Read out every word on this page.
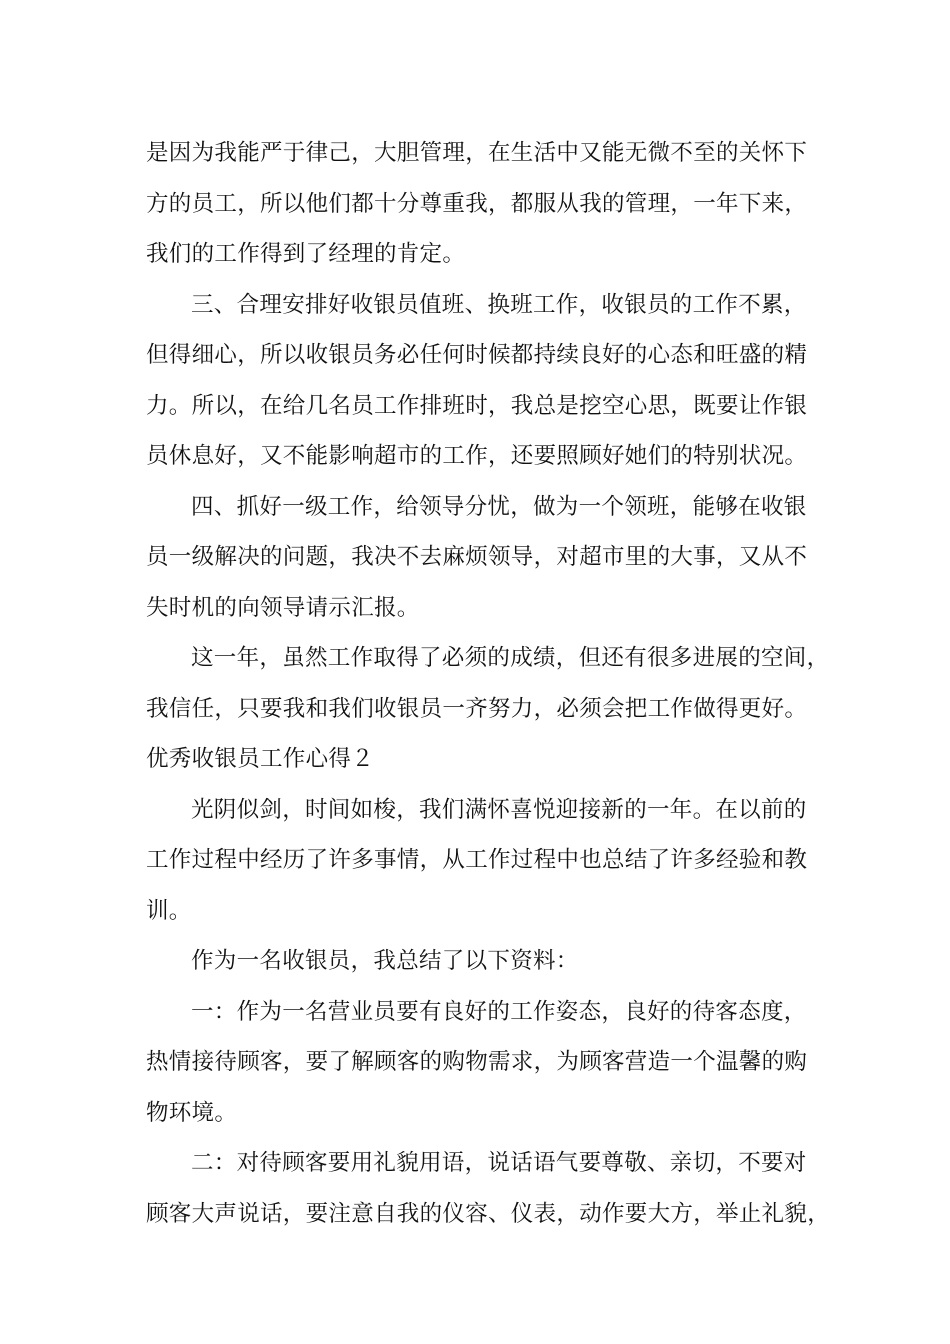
是因为我能严于律己，大胆管理，在生活中又能无微不至的关怀下
方的员工，所以他们都十分尊重我，都服从我的管理，一年下来，
我们的工作得到了经理的肯定。
三、合理安排好收银员值班、换班工作，收银员的工作不累，
但得细心，所以收银员务必任何时候都持续良好的心态和旺盛的精
力。所以，在给几名员工作排班时，我总是挖空心思，既要让作银
员休息好，又不能影响超市的工作，还要照顾好她们的特别状况。
四、抓好一级工作，给领导分忧，做为一个领班，能够在收银
员一级解决的问题，我决不去麻烦领导，对超市里的大事，又从不
失时机的向领导请示汇报。
这一年，虽然工作取得了必须的成绩，但还有很多进展的空间，
我信任，只要我和我们收银员一齐努力，必须会把工作做得更好。
优秀收银员工作心得２
光阴似剑，时间如梭，我们满怀喜悦迎接新的一年。在以前的
工作过程中经历了许多事情，从工作过程中也总结了许多经验和教
训。
作为一名收银员，我总结了以下资料：
一：作为一名营业员要有良好的工作姿态，良好的待客态度，
热情接待顾客，要了解顾客的购物需求，为顾客营造一个温馨的购
物环境。
二：对待顾客要用礼貌用语，说话语气要尊敬、亲切，不要对
顾客大声说话，要注意自我的仪容、仪表，动作要大方，举止礼貌，
